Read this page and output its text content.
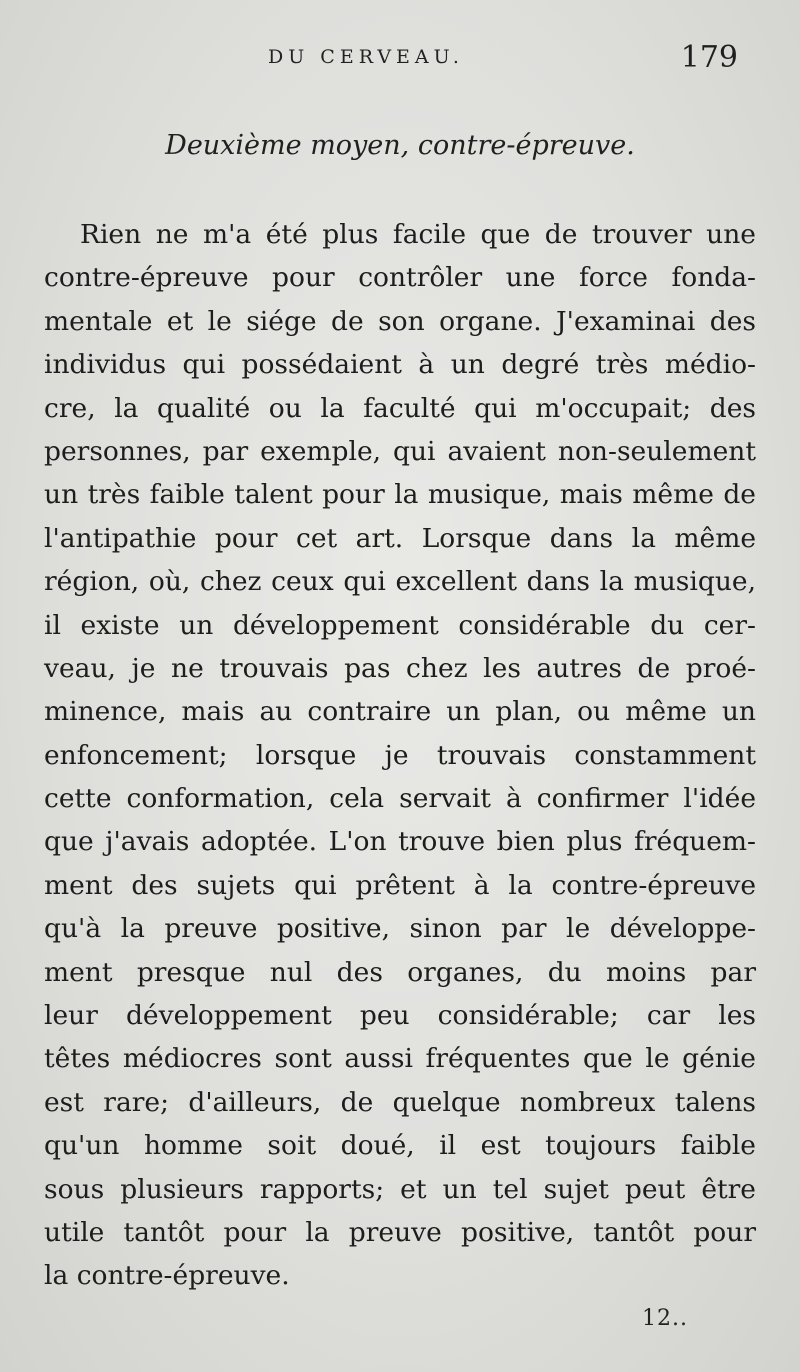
DU CERVEAU.	179
Deuxième moyen, contre-épreuve.
Rien ne m'a été plus facile que de trouver une
contre-épreuve pour contrôler une force fonda-
mentale et le siége de son organe. J'examinai des
individus qui possédaient à un degré très médio-
cre, la qualité ou la faculté qui m'occupait; des
personnes, par exemple, qui avaient non-seulement
un très faible talent pour la musique, mais même de
l'antipathie pour cet art. Lorsque dans la même
région, où, chez ceux qui excellent dans la musique,
il existe un développement considérable du cer-
veau, je ne trouvais pas chez les autres de proé-
minence, mais au contraire un plan, ou même un
enfoncement; lorsque je trouvais constamment
cette conformation, cela servait à confirmer l'idée
que j'avais adoptée. L'on trouve bien plus fréquem-
ment des sujets qui prêtent à la contre-épreuve
qu'à la preuve positive, sinon par le développe-
ment presque nul des organes, du moins par
leur développement peu considérable; car les
têtes médiocres sont aussi fréquentes que le génie
est rare; d'ailleurs, de quelque nombreux talens
qu'un homme soit doué, il est toujours faible
sous plusieurs rapports; et un tel sujet peut être
utile tantôt pour la preuve positive, tantôt pour
la contre-épreuve.
12..
